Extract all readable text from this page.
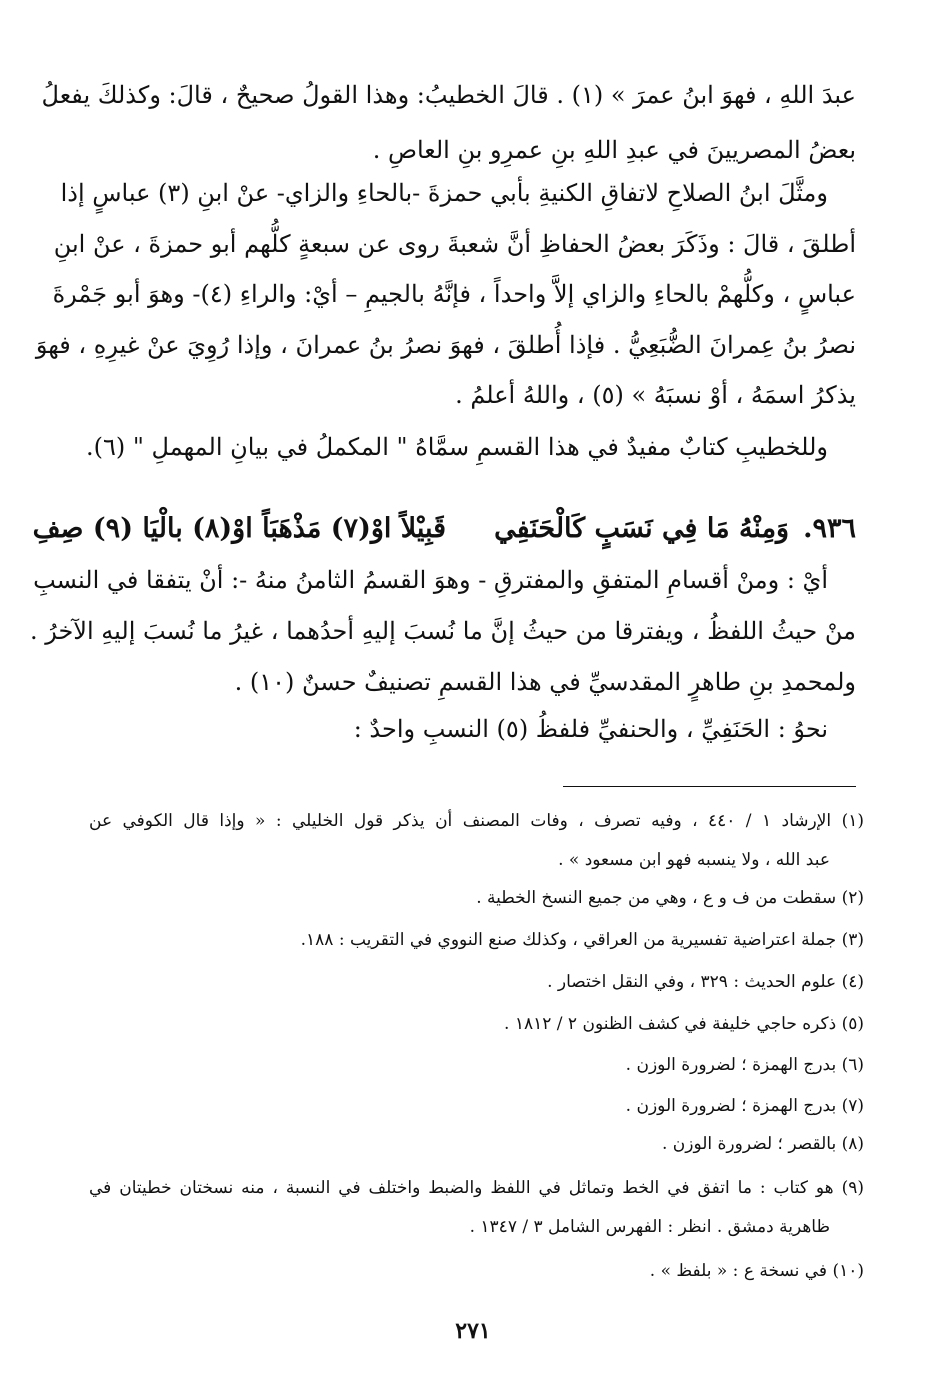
عبدَ اللهِ ، فهوَ ابنُ عمرَ » (١) . قالَ الخطيبُ: وهذا القولُ صحيحٌ ، قالَ: وكذلكَ يفعلُ
بعضُ المصريينَ في عبدِ اللهِ بنِ عمرِو بنِ العاصِ .
ومثَّلَ ابنُ الصلاحِ لاتفاقِ الكنيةِ بأبي حمزةَ -بالحاءِ والزاي- عنْ ابنِ (٣) عباسٍ إذا
أطلقَ ، قالَ : وذَكَرَ بعضُ الحفاظِ أنَّ شعبةَ روى عن سبعةٍ كلُّهم أبو حمزةَ ، عنْ ابنِ
عباسٍ ، وكلُّهمْ بالحاءِ والزاي إلاَّ واحداً ، فإنَّهُ بالجيمِ – أيْ: والراءِ (٤)- وهوَ أبو جَمْرةَ
نصرُ بنُ عِمرانَ الضُّبَعِيُّ . فإذا أُطلقَ ، فهوَ نصرُ بنُ عمرانَ ، وإذا رُوِيَ عنْ غيرِهِ ، فهوَ
يذكرُ اسمَهُ ، أوْ نسبَهُ » (٥) ، واللهُ أعلمُ .
وللخطيبِ كتابٌ مفيدٌ في هذا القسمِ سمَّاهُ " المكملُ في بيانِ المهملِ " (٦).
٩٣٦.
وَمِنْهُ مَا فِي نَسَبٍ كَالْحَنَفِي
قَبِيْلاً اوْ(٧) مَذْهَبَاً اوْ(٨) بالْيَا (٩) صِفِ
أيْ : ومنْ أقسامِ المتفقِ والمفترقِ - وهوَ القسمُ الثامنُ منهُ -: أنْ يتفقا في النسبِ
منْ حيثُ اللفظُ ، ويفترقا من حيثُ إنَّ ما نُسبَ إليهِ أحدُهما ، غيرُ ما نُسبَ إليهِ الآخرُ .
ولمحمدِ بنِ طاهرٍ المقدسيِّ في هذا القسمِ تصنيفٌ حسنٌ (١٠) .
نحوُ : الحَنَفِيِّ ، والحنفيِّ فلفظُ (٥) النسبِ واحدٌ :
(١) الإرشاد ١ / ٤٤٠ ، وفيه تصرف ، وفات المصنف أن يذكر قول الخليلي : « وإذا قال الكوفي عن
عبد الله ، ولا ينسبه فهو ابن مسعود » .
(٢) سقطت من ف و ع ، وهي من جميع النسخ الخطية .
(٣) جملة اعتراضية تفسيرية من العراقي ، وكذلك صنع النووي في التقريب : ١٨٨.
(٤) علوم الحديث : ٣٢٩ ، وفي النقل اختصار .
(٥) ذكره حاجي خليفة في كشف الظنون ٢ / ١٨١٢ .
(٦) بدرج الهمزة ؛ لضرورة الوزن .
(٧) بدرج الهمزة ؛ لضرورة الوزن .
(٨) بالقصر ؛ لضرورة الوزن .
(٩) هو كتاب : ما اتفق في الخط وتماثل في اللفظ والضبط واختلف في النسبة ، منه نسختان خطيتان في
ظاهرية دمشق . انظر : الفهرس الشامل ٣ / ١٣٤٧ .
(١٠) في نسخة ع : « بلفظ » .
٢٧١
